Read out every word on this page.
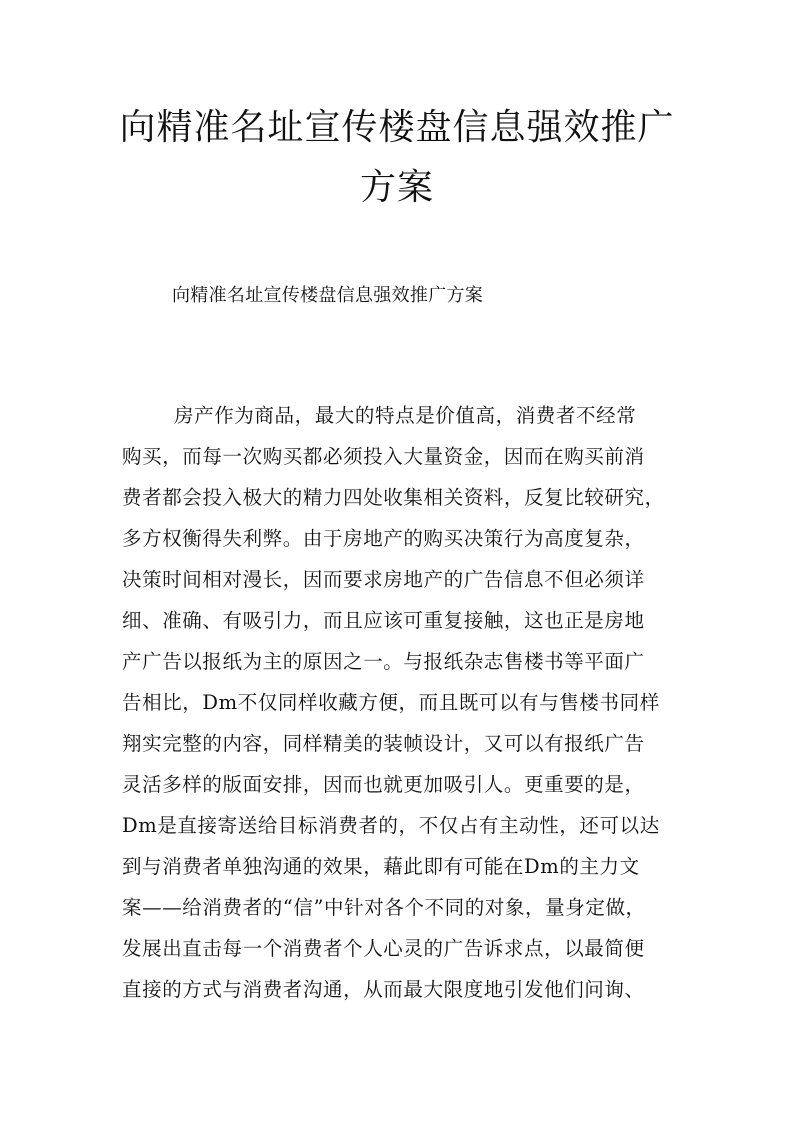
向精准名址宣传楼盘信息强效推广
方案
向精准名址宣传楼盘信息强效推广方案
房产作为商品，最大的特点是价值高，消费者不经常
购买，而每一次购买都必须投入大量资金，因而在购买前消
费者都会投入极大的精力四处收集相关资料，反复比较研究，
多方权衡得失利弊。由于房地产的购买决策行为高度复杂，
决策时间相对漫长，因而要求房地产的广告信息不但必须详
细、准确、有吸引力，而且应该可重复接触，这也正是房地
产广告以报纸为主的原因之一。与报纸杂志售楼书等平面广
告相比，Dm不仅同样收藏方便，而且既可以有与售楼书同样
翔实完整的内容，同样精美的装帧设计，又可以有报纸广告
灵活多样的版面安排，因而也就更加吸引人。更重要的是，
Dm是直接寄送给目标消费者的，不仅占有主动性，还可以达
到与消费者单独沟通的效果，藉此即有可能在Dm的主力文
案——给消费者的“信”中针对各个不同的对象，量身定做，
发展出直击每一个消费者个人心灵的广告诉求点，以最简便
直接的方式与消费者沟通，从而最大限度地引发他们问询、
